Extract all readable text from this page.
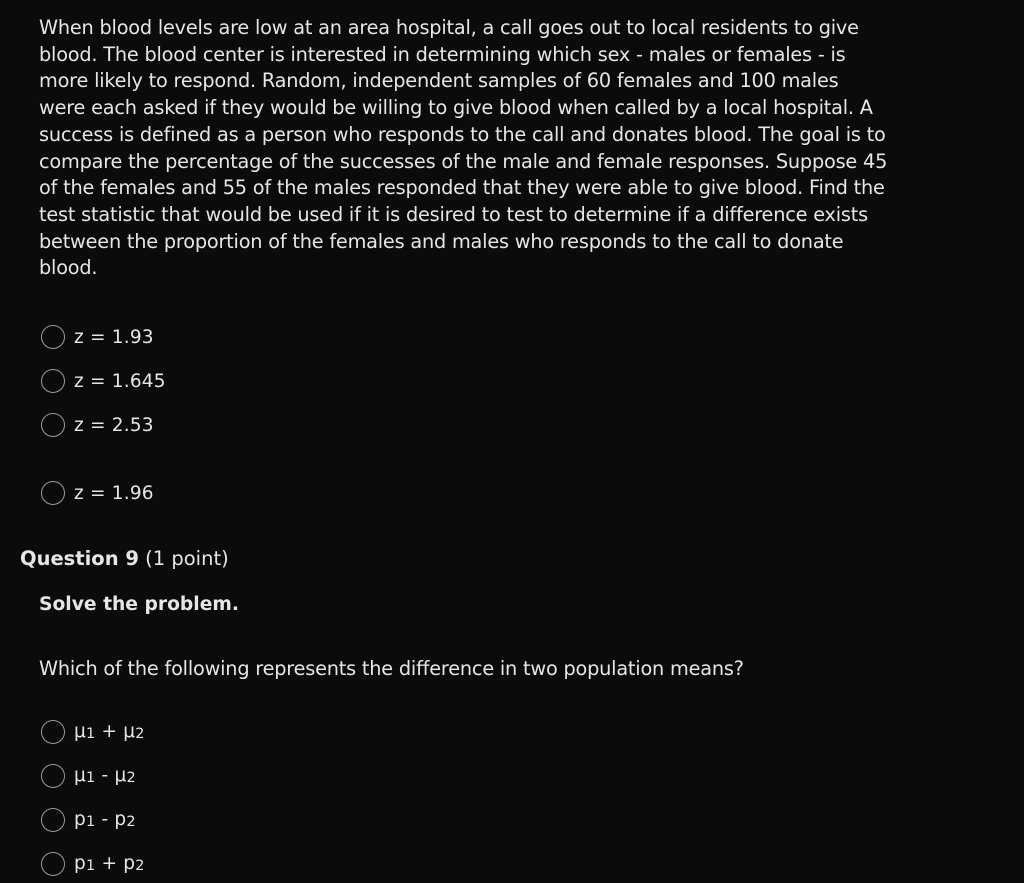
When blood levels are low at an area hospital, a call goes out to local residents to give blood. The blood center is interested in determining which sex - males or females - is more likely to respond. Random, independent samples of 60 females and 100 males were each asked if they would be willing to give blood when called by a local hospital. A success is defined as a person who responds to the call and donates blood. The goal is to compare the percentage of the successes of the male and female responses. Suppose 45 of the females and 55 of the males responded that they were able to give blood. Find the test statistic that would be used if it is desired to test to determine if a difference exists between the proportion of the females and males who responds to the call to donate blood.
z = 1.93
z = 1.645
z = 2.53
z = 1.96
Question 9 (1 point)
Solve the problem.
Which of the following represents the difference in two population means?
$\mu_1 + \mu_2$
$\mu_1 - \mu_2$
$p_1 - p_2$
$p_1 + p_2$
